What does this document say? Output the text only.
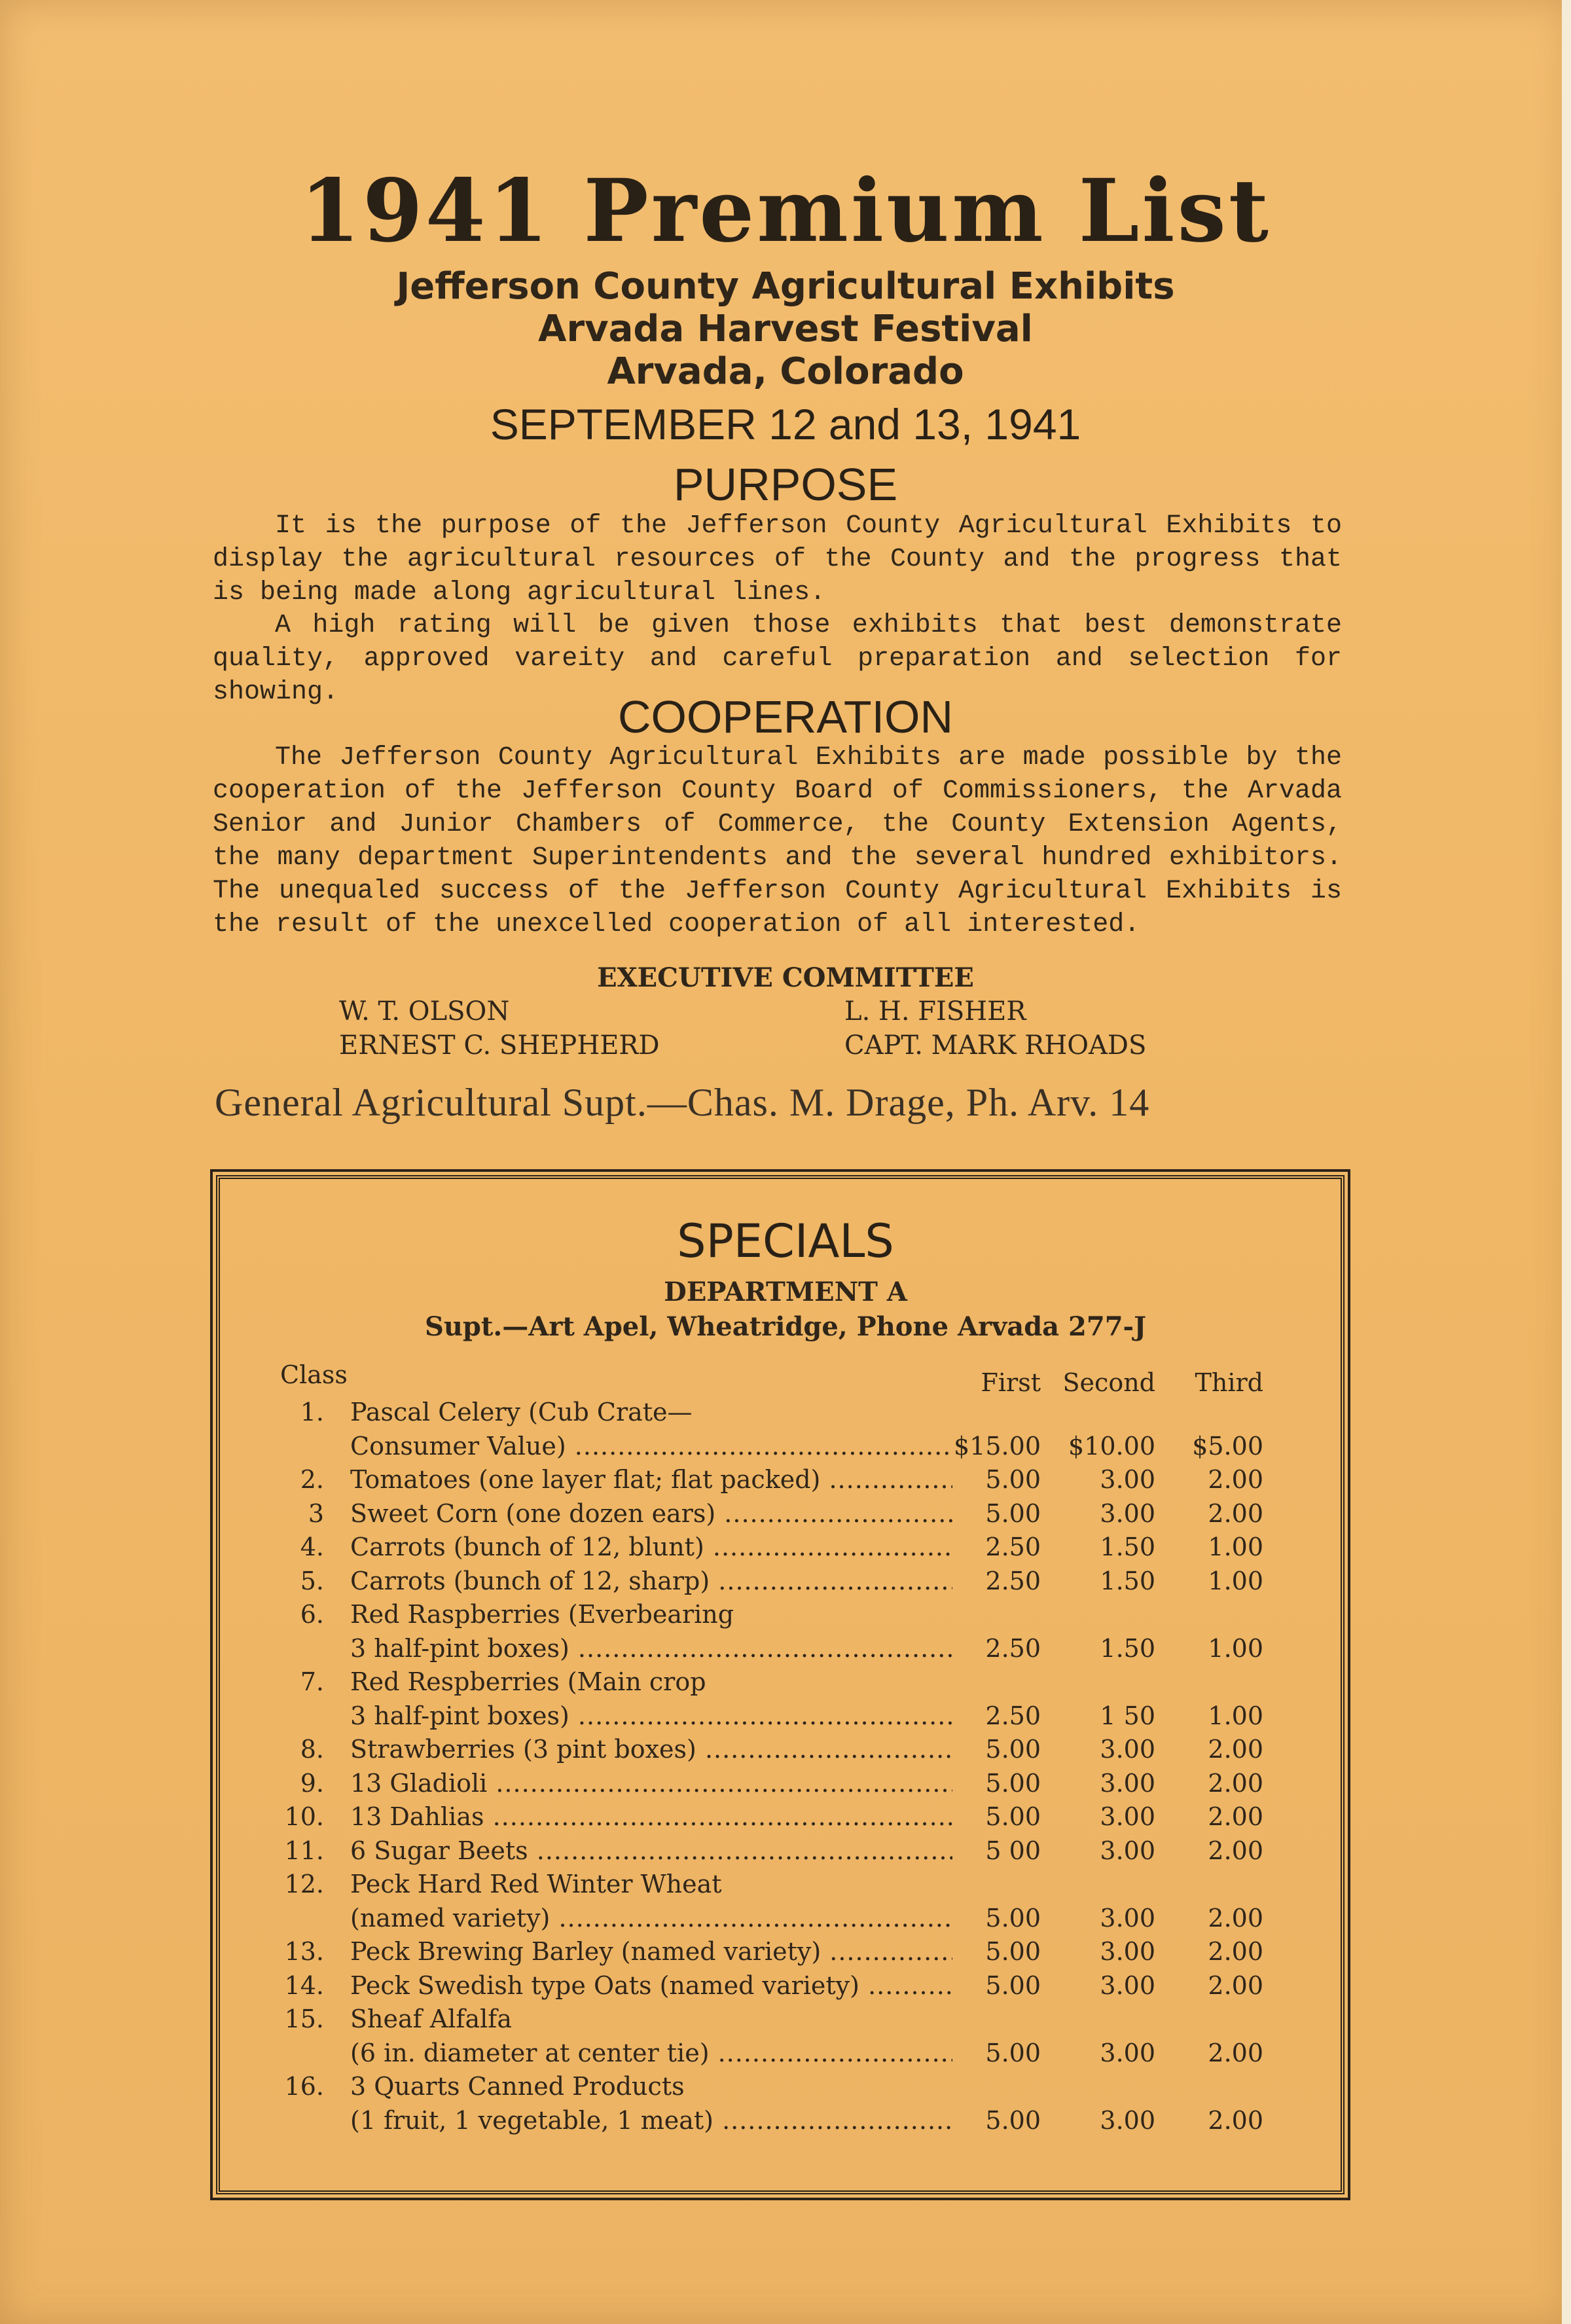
1941 Premium List

Jefferson County Agricultural Exhibits

Arvada Harvest Festival

Arvada, Colorado

SEPTEMBER 12 and 13, 1941

PURPOSE

It is the purpose of the Jefferson County Agricultural Exhibits to display the agricultural resources of the County and the progress that is being made along agricultural lines.

A high rating will be given those exhibits that best demonstrate quality, approved vareity and careful preparation and selection for showing.	COOPERATION

The Jefferson County Agricultural Exhibits are made possible by the cooperation of the Jefferson County Board of Commissioners, the Arvada Senior and Junior Chambers of Commerce, the County Extension Agents, the many department Superintendents and the several hundred exhibitors. The unequaled success of the Jefferson County Agricultural Exhibits is the result of the unexcelled cooperation of all interested.

EXECUTIVE COMMITTEE
W. T. OLSON	L. H. FISHER
ERNEST C. SHEPHERD	CAPT. MARK RHOADS
General Agricultural Supt.—Chas. M. Drage, Ph. Arv. 14
SPECIALS
DEPARTMENT A
Supt.—Art Apel, Wheatridge, Phone Arvada 277-J
Class	First Second	Third
1. Pascal Celery (Cub Crate—
Consumer Value) .....	$15.00	$10.00	$5.00
2. Tomatoes (one layer flat; flat packed) .....	5.00	3.00	2.00
3 Sweet Corn (one dozen ears) .....	5.00	3.00	2.00
4. Carrots (bunch of 12, blunt) .....	2.50	1.50	1.00
5. Carrots (bunch of 12, sharp) .....	2.50	1.50	1.00
6. Red Raspberries (Everbearing
3 half-pint boxes) .....	2.50	1.50	1.00
7. Red Respberries (Main crop
3 half-pint boxes) .....	2.50	1 50	1.00
8. Strawberries (3 pint boxes) .....	5.00	3.00	2.00
9. 13 Gladioli .....	5.00	3.00	2.00
10. 13 Dahlias .....	5.00	3.00	2.00
11. 6 Sugar Beets .....	5 00	3.00	2.00
12. Peck Hard Red Winter Wheat
(named variety) .....	5.00	3.00	2.00
13. Peck Brewing Barley (named variety) .....	5.00	3.00	2.00
14. Peck Swedish type Oats (named variety) .....	5.00	3.00	2.00
15. Sheaf Alfalfa
(6 in. diameter at center tie) .....	5.00	3.00	2.00
16. 3 Quarts Canned Products
(1 fruit, 1 vegetable, 1 meat) .....	5.00	3.00	2.00
